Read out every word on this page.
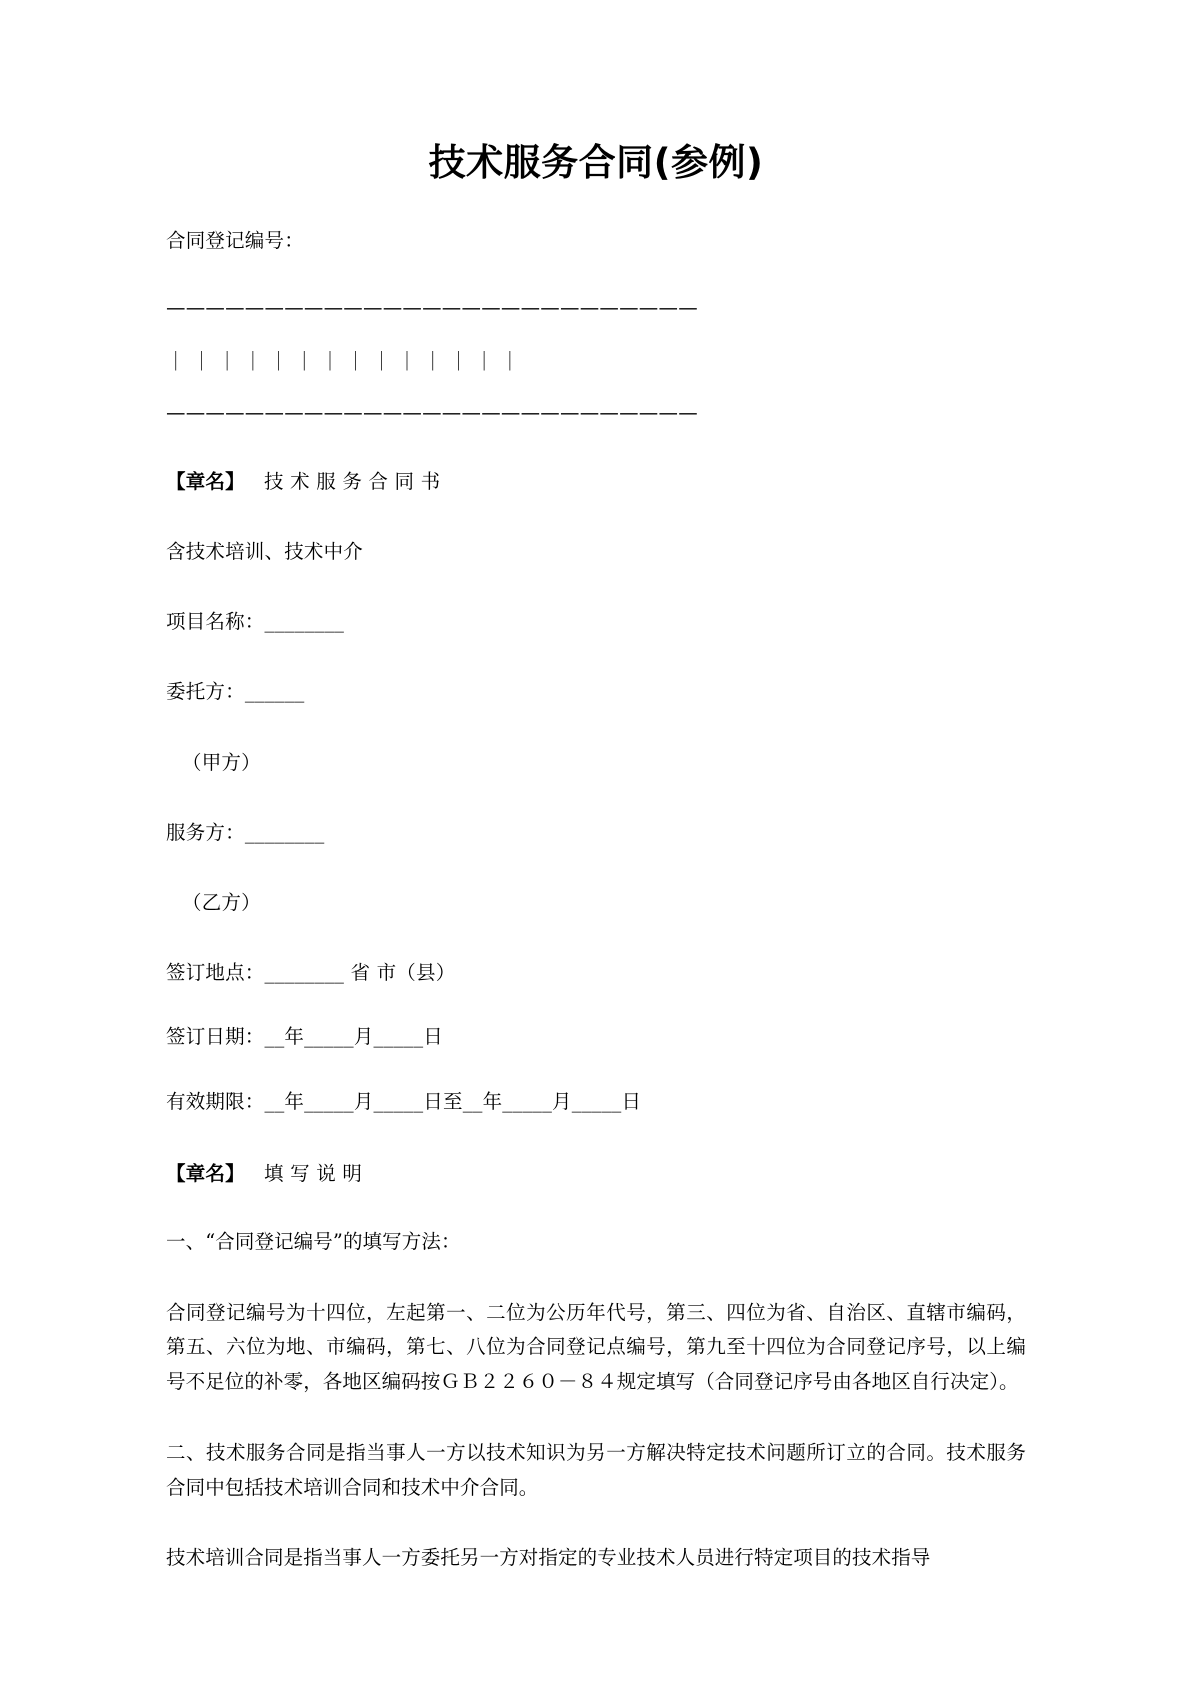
技术服务合同(参例)

合同登记编号：

———————————————————————————

｜ ｜ ｜ ｜ ｜ ｜ ｜ ｜ ｜ ｜ ｜ ｜ ｜ ｜

———————————————————————————

【章名】 技 术 服 务 合 同 书

含技术培训、技术中介

项目名称：________

委托方：______

（甲方）

服务方：________

（乙方）

签订地点：________ 省 市（县）

签订日期：__年_____月_____日

有效期限：__年_____月_____日至__年_____月_____日

【章名】 填 写 说 明

一、“合同登记编号”的填写方法：

合同登记编号为十四位，左起第一、二位为公历年代号，第三、四位为省、自治区、直辖市编码，第五、六位为地、市编码，第七、八位为合同登记点编号，第九至十四位为合同登记序号，以上编号不足位的补零，各地区编码按ＧＢ２２６０－８４规定填写（合同登记序号由各地区自行决定）。

二、技术服务合同是指当事人一方以技术知识为另一方解决特定技术问题所订立的合同。技术服务合同中包括技术培训合同和技术中介合同。

技术培训合同是指当事人一方委托另一方对指定的专业技术人员进行特定项目的技术指导
